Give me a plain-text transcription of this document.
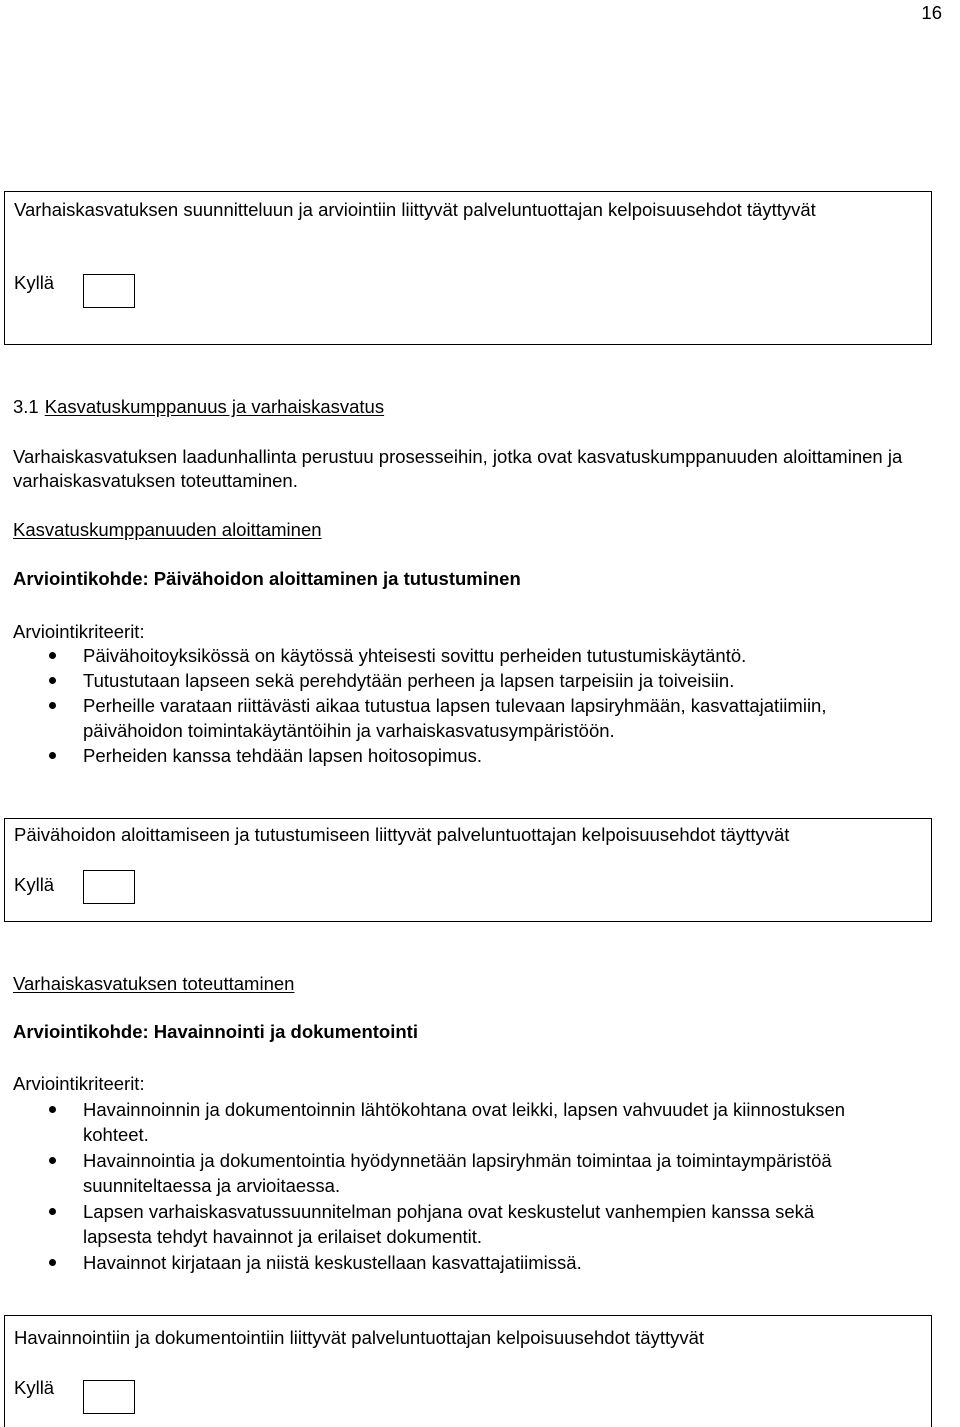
16
Varhaiskasvatuksen suunnitteluun ja arviointiin liittyvät palveluntuottajan kelpoisuusehdot täyttyvät
Kyllä
3.1 Kasvatuskumppanuus ja varhaiskasvatus
Varhaiskasvatuksen laadunhallinta perustuu prosesseihin, jotka ovat kasvatuskumppanuuden aloittaminen ja varhaiskasvatuksen toteuttaminen.
Kasvatuskumppanuuden aloittaminen
Arviointikohde: Päivähoidon aloittaminen ja tutustuminen
Arviointikriteerit:
Päivähoitoyksikössä on käytössä yhteisesti sovittu perheiden tutustumiskäytäntö.
Tutustutaan lapseen sekä perehdytään perheen ja lapsen tarpeisiin ja toiveisiin.
Perheille varataan riittävästi aikaa tutustua lapsen tulevaan lapsiryhmään, kasvattajatiimiin, päivähoidon toimintakäytäntöihin ja varhaiskasvatusympäristöön.
Perheiden kanssa tehdään lapsen hoitosopimus.
Päivähoidon aloittamiseen ja tutustumiseen liittyvät palveluntuottajan kelpoisuusehdot täyttyvät
Kyllä
Varhaiskasvatuksen toteuttaminen
Arviointikohde: Havainnointi ja dokumentointi
Arviointikriteerit:
Havainnoinnin ja dokumentoinnin lähtökohtana ovat leikki, lapsen vahvuudet ja kiinnostuksen kohteet.
Havainnointia ja dokumentointia hyödynnetään lapsiryhmän toimintaa ja toimintaympäristöä suunniteltaessa ja arvioitaessa.
Lapsen varhaiskasvatussuunnitelman pohjana ovat keskustelut vanhempien kanssa sekä lapsesta tehdyt havainnot ja erilaiset dokumentit.
Havainnot kirjataan ja niistä keskustellaan kasvattajatiimissä.
Havainnointiin ja dokumentointiin liittyvät palveluntuottajan kelpoisuusehdot täyttyvät
Kyllä
